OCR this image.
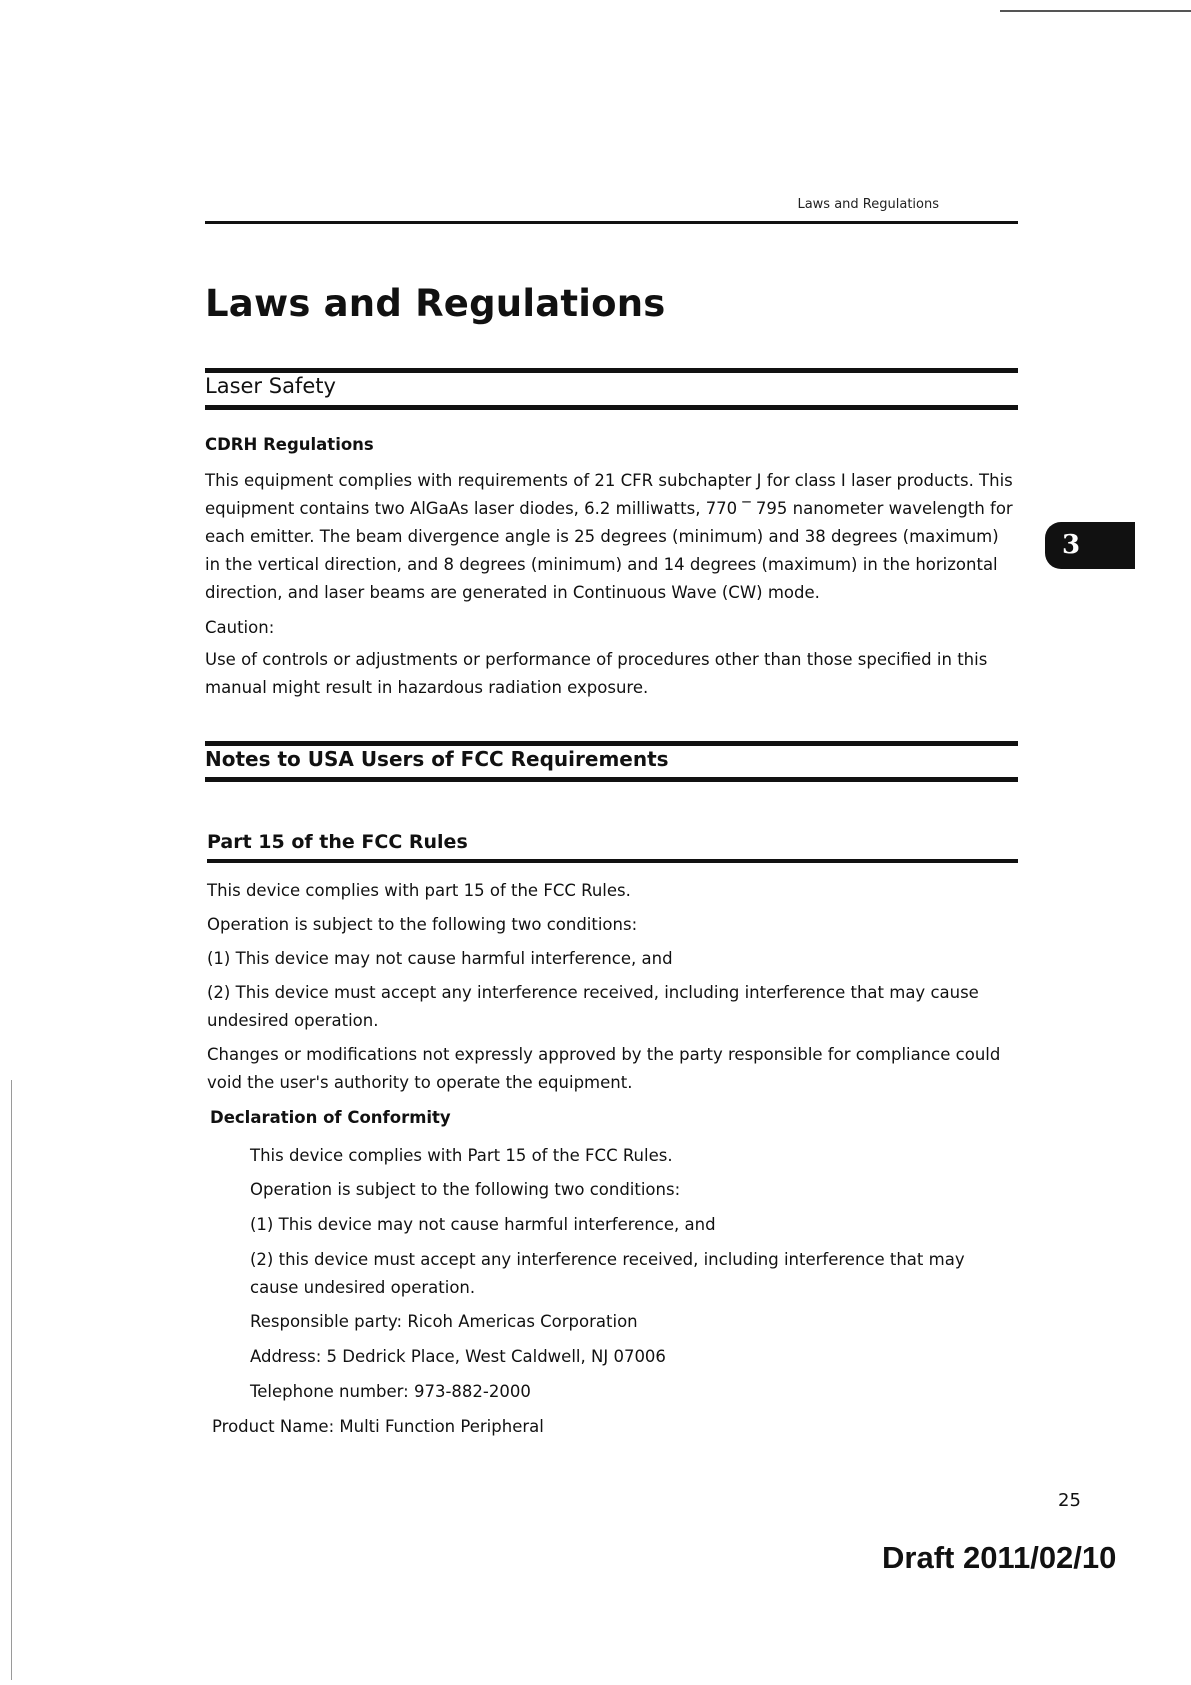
Laws and Regulations
Laws and Regulations
Laser Safety
CDRH Regulations
This equipment complies with requirements of 21 CFR subchapter J for class I laser products. This equipment contains two AlGaAs laser diodes, 6.2 milliwatts, 770 ‾ 795 nanometer wavelength for each emitter. The beam divergence angle is 25 degrees (minimum) and 38 degrees (maximum) in the vertical direction, and 8 degrees (minimum) and 14 degrees (maximum) in the horizontal direction, and laser beams are generated in Continuous Wave (CW) mode.
Caution:
Use of controls or adjustments or performance of procedures other than those specified in this manual might result in hazardous radiation exposure.
3
Notes to USA Users of FCC Requirements
Part 15 of the FCC Rules
This device complies with part 15 of the FCC Rules.
Operation is subject to the following two conditions:
(1) This device may not cause harmful interference, and
(2) This device must accept any interference received, including interference that may cause undesired operation.
Changes or modifications not expressly approved by the party responsible for compliance could void the user's authority to operate the equipment.
Declaration of Conformity
This device complies with Part 15 of the FCC Rules.
Operation is subject to the following two conditions:
(1) This device may not cause harmful interference, and
(2) this device must accept any interference received, including interference that may cause undesired operation.
Responsible party: Ricoh Americas Corporation
Address: 5 Dedrick Place, West Caldwell, NJ 07006
Telephone number: 973-882-2000
Product Name: Multi Function Peripheral
25
Draft 2011/02/10
